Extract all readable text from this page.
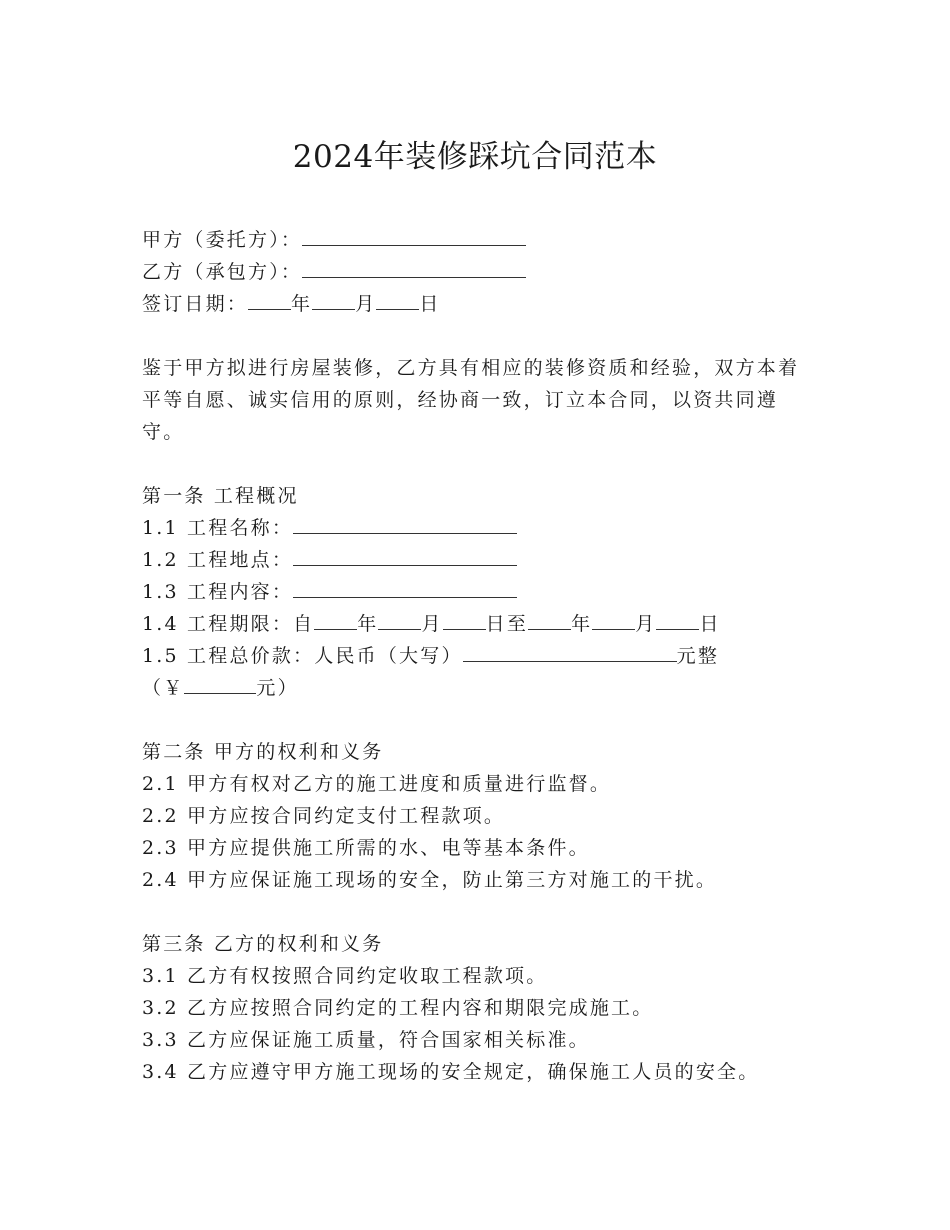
2024年装修踩坑合同范本
甲方（委托方）：
乙方（承包方）：
签订日期： 年 月 日
鉴于甲方拟进行房屋装修，乙方具有相应的装修资质和经验，双方本着平等自愿、诚实信用的原则，经协商一致，订立本合同，以资共同遵守。
第一条 工程概况
1.1 工程名称：
1.2 工程地点：
1.3 工程内容：
1.4 工程期限：自 年 月 日至 年 月 日
1.5 工程总价款：人民币（大写）	元整
（￥	元）
第二条 甲方的权利和义务
2.1 甲方有权对乙方的施工进度和质量进行监督。
2.2 甲方应按合同约定支付工程款项。
2.3 甲方应提供施工所需的水、电等基本条件。
2.4 甲方应保证施工现场的安全，防止第三方对施工的干扰。
第三条 乙方的权利和义务
3.1 乙方有权按照合同约定收取工程款项。
3.2 乙方应按照合同约定的工程内容和期限完成施工。
3.3 乙方应保证施工质量，符合国家相关标准。
3.4 乙方应遵守甲方施工现场的安全规定，确保施工人员的安全。
